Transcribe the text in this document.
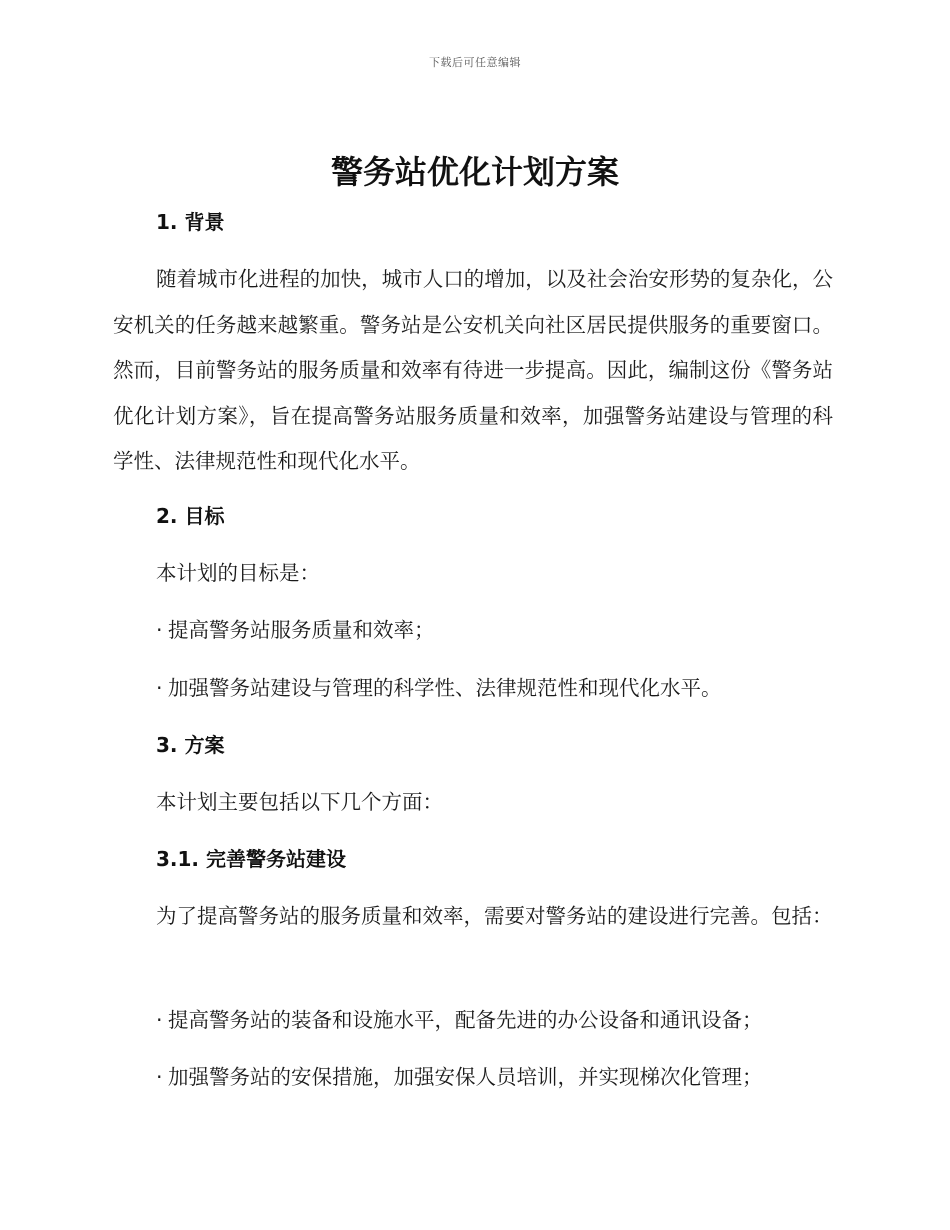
下载后可任意编辑
警务站优化计划方案
1. 背景

随着城市化进程的加快，城市人口的增加，以及社会治安形势的复杂化，公安机关的任务越来越繁重。警务站是公安机关向社区居民提供服务的重要窗口。然而，目前警务站的服务质量和效率有待进一步提高。因此，编制这份《警务站优化计划方案》，旨在提高警务站服务质量和效率，加强警务站建设与管理的科学性、法律规范性和现代化水平。

2. 目标

本计划的目标是：

· 提高警务站服务质量和效率；

· 加强警务站建设与管理的科学性、法律规范性和现代化水平。

3. 方案

本计划主要包括以下几个方面：

3.1. 完善警务站建设

为了提高警务站的服务质量和效率，需要对警务站的建设进行完善。包括：

· 提高警务站的装备和设施水平，配备先进的办公设备和通讯设备；

· 加强警务站的安保措施，加强安保人员培训，并实现梯次化管理；
